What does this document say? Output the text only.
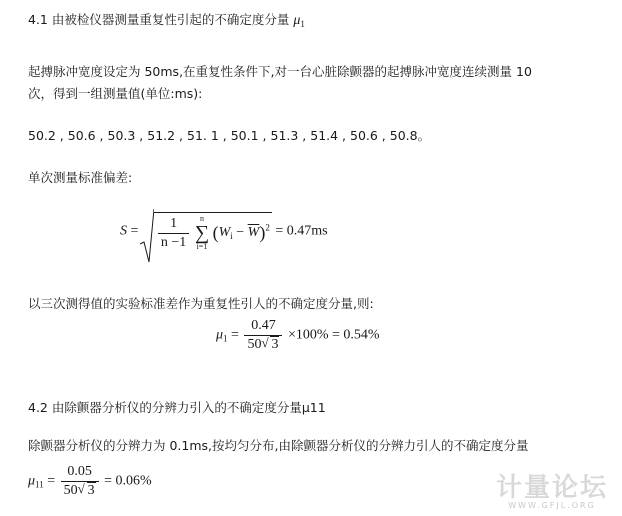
4.1 由被检仪器测量重复性引起的不确定度分量 $\mu_1$
起搏脉冲宽度设定为 50ms,在重复性条件下,对一台心脏除颤器的起搏脉冲宽度连续测量 10
次，得到一组测量值(单位:ms):
50.2 , 50.6 , 50.3 , 51.2 , 51. 1 , 50.1 , 51.3 , 51.4 , 50.6 , 50.8。
单次测量标准偏差:
$S = \frac{1}{n -1}$
	n
∑
i=1
$(W_i - \overline{W})^2 = 0.47ms$
以三次测得值的实验标准差作为重复性引人的不确定度分量,则:
$\mu_1 = \frac{0.47}{50 √ 3} \times 100\% = 0.54\%$
4.2 由除颤器分析仪的分辨力引入的不确定度分量μ11
除颤器分析仪的分辨力为 0.1ms,按均匀分布,由除颤器分析仪的分辨力引人的不确定度分量
$\mu_{11} = \frac{0.05}{50 √ 3} = 0.06\%$	计量论坛
WWW.GFJL.ORG
